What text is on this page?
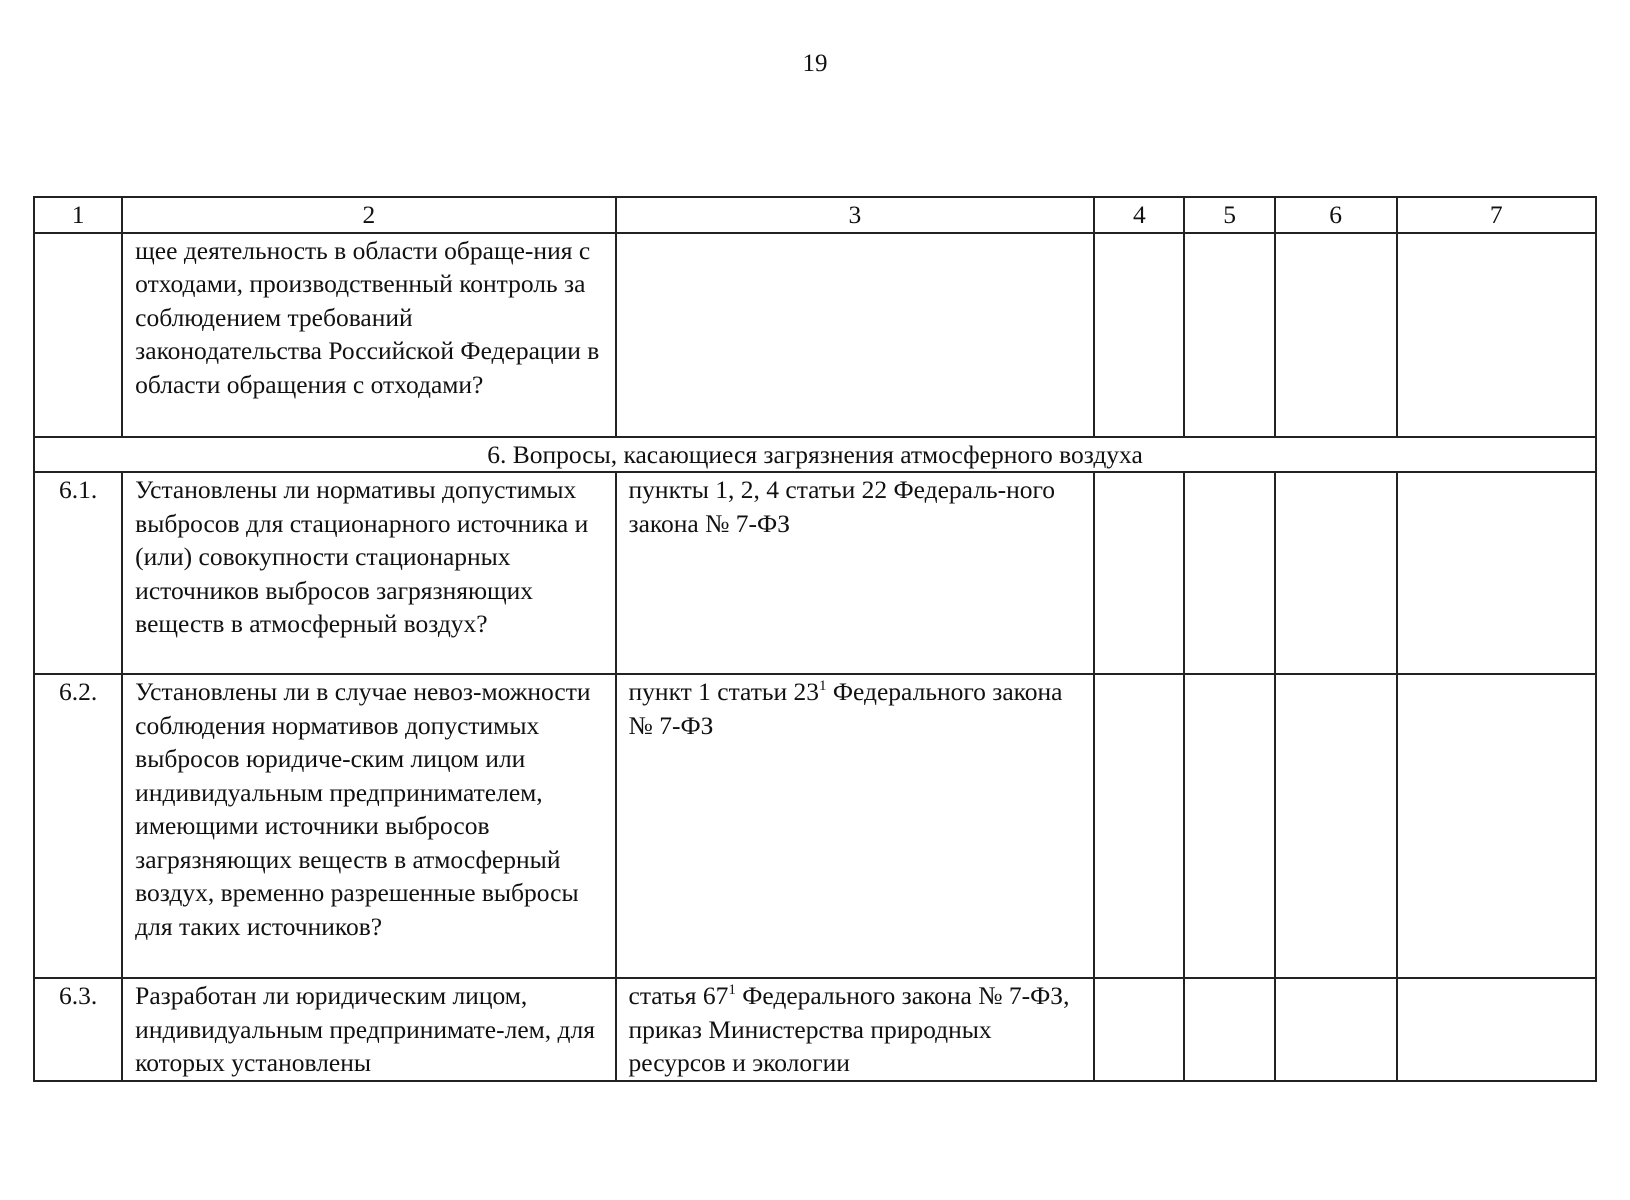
19
1	2	3	4	5	6	7
	щее деятельность в области обраще-ния с отходами, производственный контроль за соблюдением требований законодательства Российской Федерации в области обращения с отходами?					
6. Вопросы, касающиеся загрязнения атмосферного воздуха						
6.1.	Установлены ли нормативы допустимых выбросов для стационарного источника и (или) совокупности стационарных источников выбросов загрязняющих веществ в атмосферный воздух?	пункты 1, 2, 4 статьи 22 Федераль-ного закона № 7-ФЗ				
6.2.	Установлены ли в случае невоз-можности соблюдения нормативов допустимых выбросов юридиче-ским лицом или индивидуальным предпринимателем, имеющими источники выбросов загрязняющих веществ в атмосферный воздух, временно разрешенные выбросы для таких источников?	пункт 1 статьи $23^1$ Федерального закона № 7-ФЗ				
6.3.	Разработан ли юридическим лицом, индивидуальным предпринимате-лем, для которых установлены	статья $67^1$ Федерального закона № 7-ФЗ, приказ Министерства природных ресурсов и экологии				
